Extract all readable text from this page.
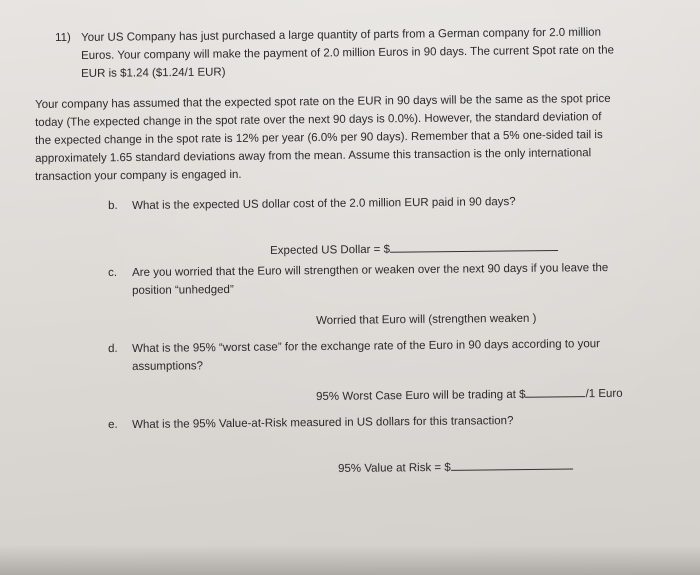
11) Your US Company has just purchased a large quantity of parts from a German company for 2.0 million
Euros. Your company will make the payment of 2.0 million Euros in 90 days. The current Spot rate on the
EUR is $1.24 ($1.24/1 EUR)
Your company has assumed that the expected spot rate on the EUR in 90 days will be the same as the spot price
today (The expected change in the spot rate over the next 90 days is 0.0%). However, the standard deviation of
the expected change in the spot rate is 12% per year (6.0% per 90 days). Remember that a 5% one-sided tail is
approximately 1.65 standard deviations away from the mean. Assume this transaction is the only international
transaction your company is engaged in.
b. What is the expected US dollar cost of the 2.0 million EUR paid in 90 days?
Expected US Dollar = $
c. Are you worried that the Euro will strengthen or weaken over the next 90 days if you leave the
position “unhedged”
Worried that Euro will (strengthen weaken )
d. What is the 95% “worst case” for the exchange rate of the Euro in 90 days according to your
assumptions?
95% Worst Case Euro will be trading at $	/1 Euro
e. What is the 95% Value-at-Risk measured in US dollars for this transaction?
95% Value at Risk = $
